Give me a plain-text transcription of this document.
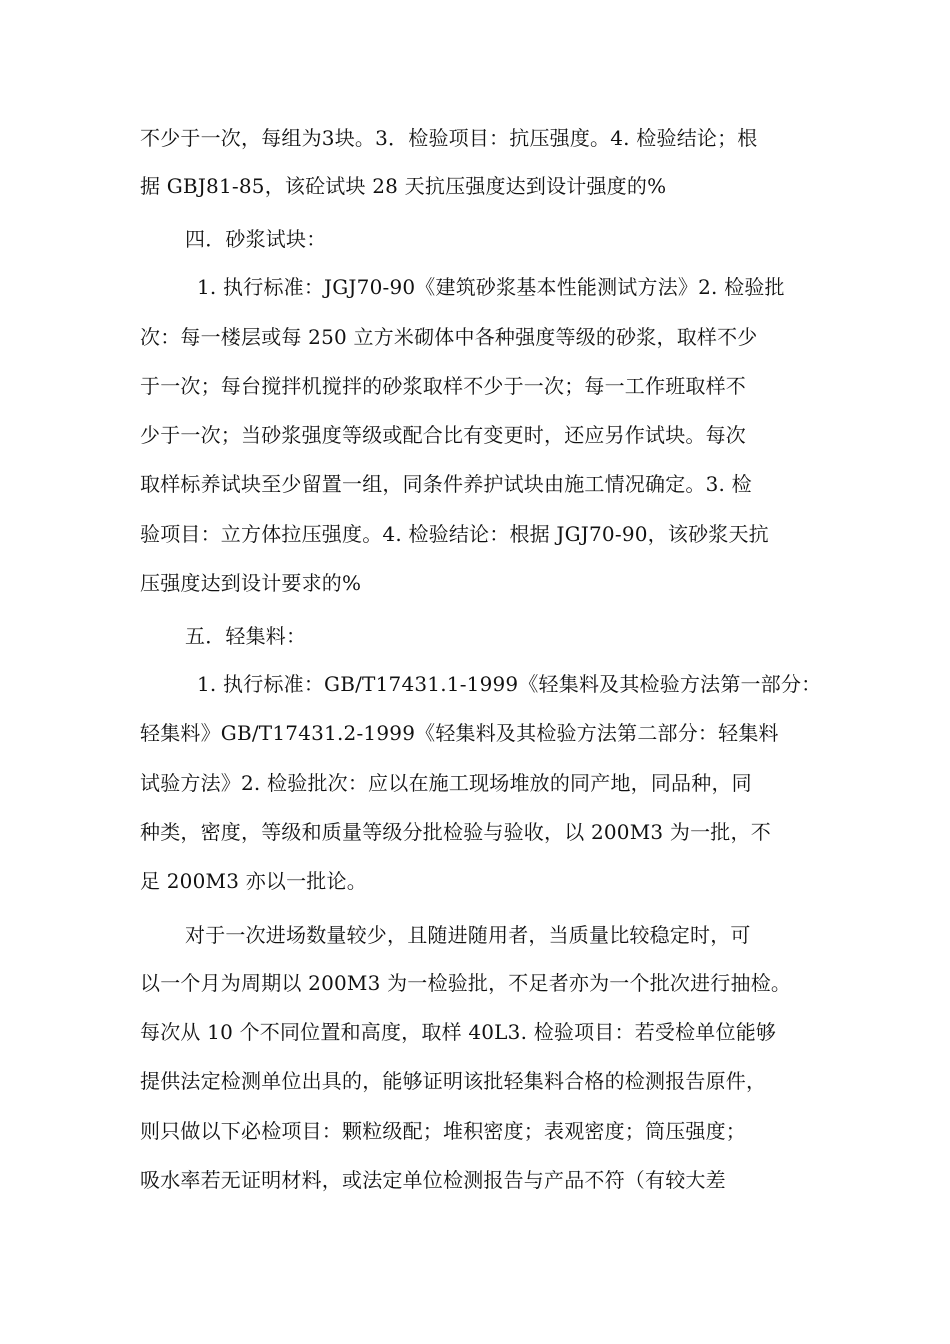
不少于一次，每组为3块。3．检验项目：抗压强度。4. 检验结论；根
据 GBJ81-85，该砼试块 28 天抗压强度达到设计强度的%
四．砂浆试块：
1. 执行标准：JGJ70-90《建筑砂浆基本性能测试方法》2. 检验批
次：每一楼层或每 250 立方米砌体中各种强度等级的砂浆，取样不少
于一次；每台搅拌机搅拌的砂浆取样不少于一次；每一工作班取样不
少于一次；当砂浆强度等级或配合比有变更时，还应另作试块。每次
取样标养试块至少留置一组，同条件养护试块由施工情况确定。3. 检
验项目：立方体拉压强度。4. 检验结论：根据 JGJ70-90，该砂浆天抗
压强度达到设计要求的%
五．轻集料：
1. 执行标准：GB/T17431.1-1999《轻集料及其检验方法第一部分：
轻集料》GB/T17431.2-1999《轻集料及其检验方法第二部分：轻集料
试验方法》2. 检验批次：应以在施工现场堆放的同产地，同品种，同
种类，密度，等级和质量等级分批检验与验收，以 200M3 为一批，不
足 200M3 亦以一批论。
对于一次进场数量较少，且随进随用者，当质量比较稳定时，可
以一个月为周期以 200M3 为一检验批，不足者亦为一个批次进行抽检。
每次从 10 个不同位置和高度，取样 40L3. 检验项目：若受检单位能够
提供法定检测单位出具的，能够证明该批轻集料合格的检测报告原件，
则只做以下必检项目：颗粒级配；堆积密度；表观密度；筒压强度；
吸水率若无证明材料，或法定单位检测报告与产品不符（有较大差
